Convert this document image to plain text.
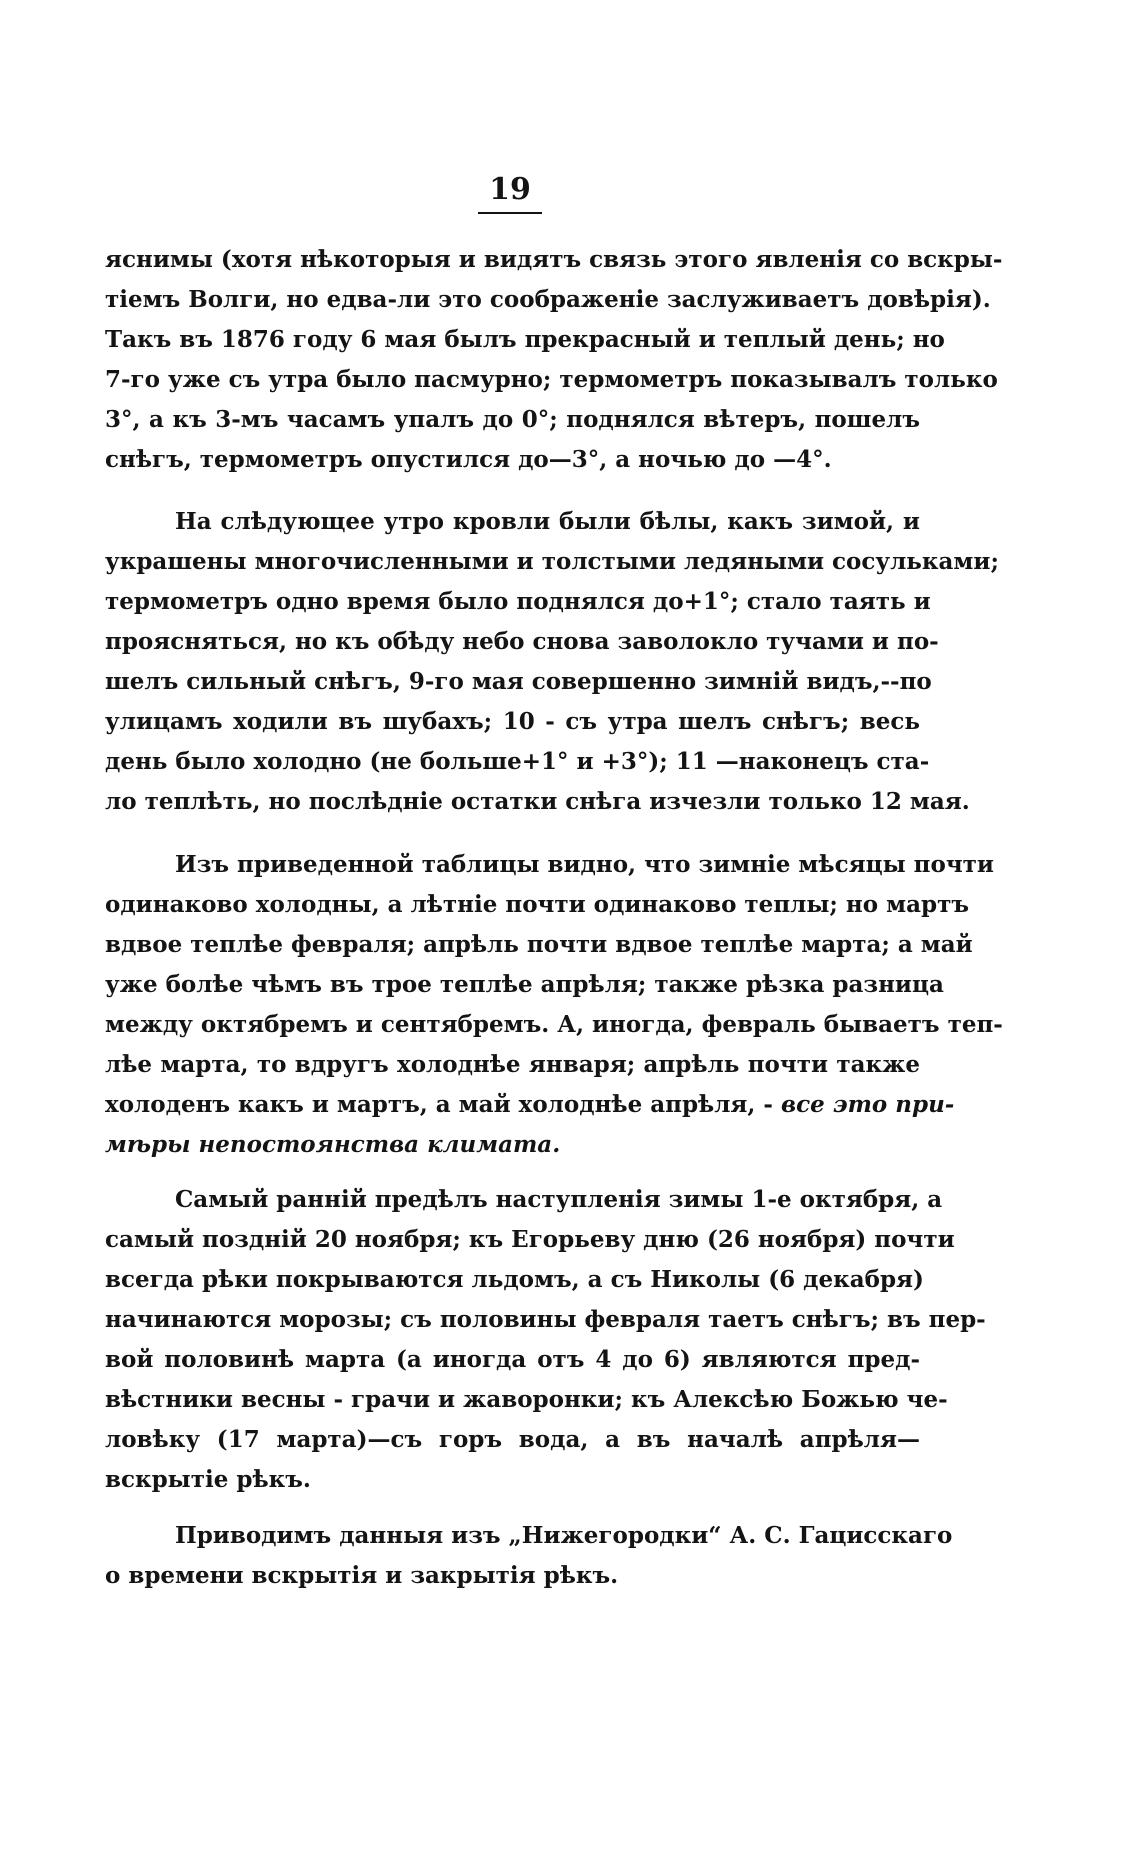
19
яснимы (хотя нѣкоторыя и видятъ связь этого явленія со вскры-
тіемъ Волги, но едва-ли это соображеніе заслуживаетъ довѣрія).
Такъ въ 1876 году 6 мая былъ прекрасный и теплый день; но
7-го уже съ утра было пасмурно; термометръ показывалъ только
3°, а къ 3-мъ часамъ упалъ до 0°; поднялся вѣтеръ, пошелъ
снѣгъ, термометръ опустился до—3°, а ночью до —4°.
На слѣдующее утро кровли были бѣлы, какъ зимой, и
украшены многочисленными и толстыми ледяными сосульками;
термометръ одно время было поднялся до+1°; стало таять и
проясняться, но къ обѣду небо снова заволокло тучами и по-
шелъ сильный снѣгъ, 9-го мая совершенно зимній видъ,--по
улицамъ ходили въ шубахъ; 10 - съ утра шелъ снѣгъ; весь
день было холодно (не больше+1° и +3°); 11 —наконецъ ста-
ло теплѣть, но послѣдніе остатки снѣга изчезли только 12 мая.
Изъ приведенной таблицы видно, что зимніе мѣсяцы почти
одинаково холодны, а лѣтніе почти одинаково теплы; но мартъ
вдвое теплѣе февраля; апрѣль почти вдвое теплѣе марта; а май
уже болѣе чѣмъ въ трое теплѣе апрѣля; также рѣзка разница
между октябремъ и сентябремъ. А, иногда, февраль бываетъ теп-
лѣе марта, то вдругъ холоднѣе января; апрѣль почти также
холоденъ какъ и мартъ, а май холоднѣе апрѣля, - все это при-
мѣры непостоянства климата.
Самый ранній предѣлъ наступленія зимы 1-е октября, а
самый поздній 20 ноября; къ Егорьеву дню (26 ноября) почти
всегда рѣки покрываются льдомъ, а съ Николы (6 декабря)
начинаются морозы; съ половины февраля таетъ снѣгъ; въ пер-
вой половинѣ марта (а иногда отъ 4 до 6) являются пред-
вѣстники весны - грачи и жаворонки; къ Алексѣю Божью че-
ловѣку (17 марта)—съ горъ вода, а въ началѣ апрѣля—
вскрытіе рѣкъ.
Приводимъ данныя изъ „Нижегородки“ А. С. Гацисскаго
о времени вскрытія и закрытія рѣкъ.
